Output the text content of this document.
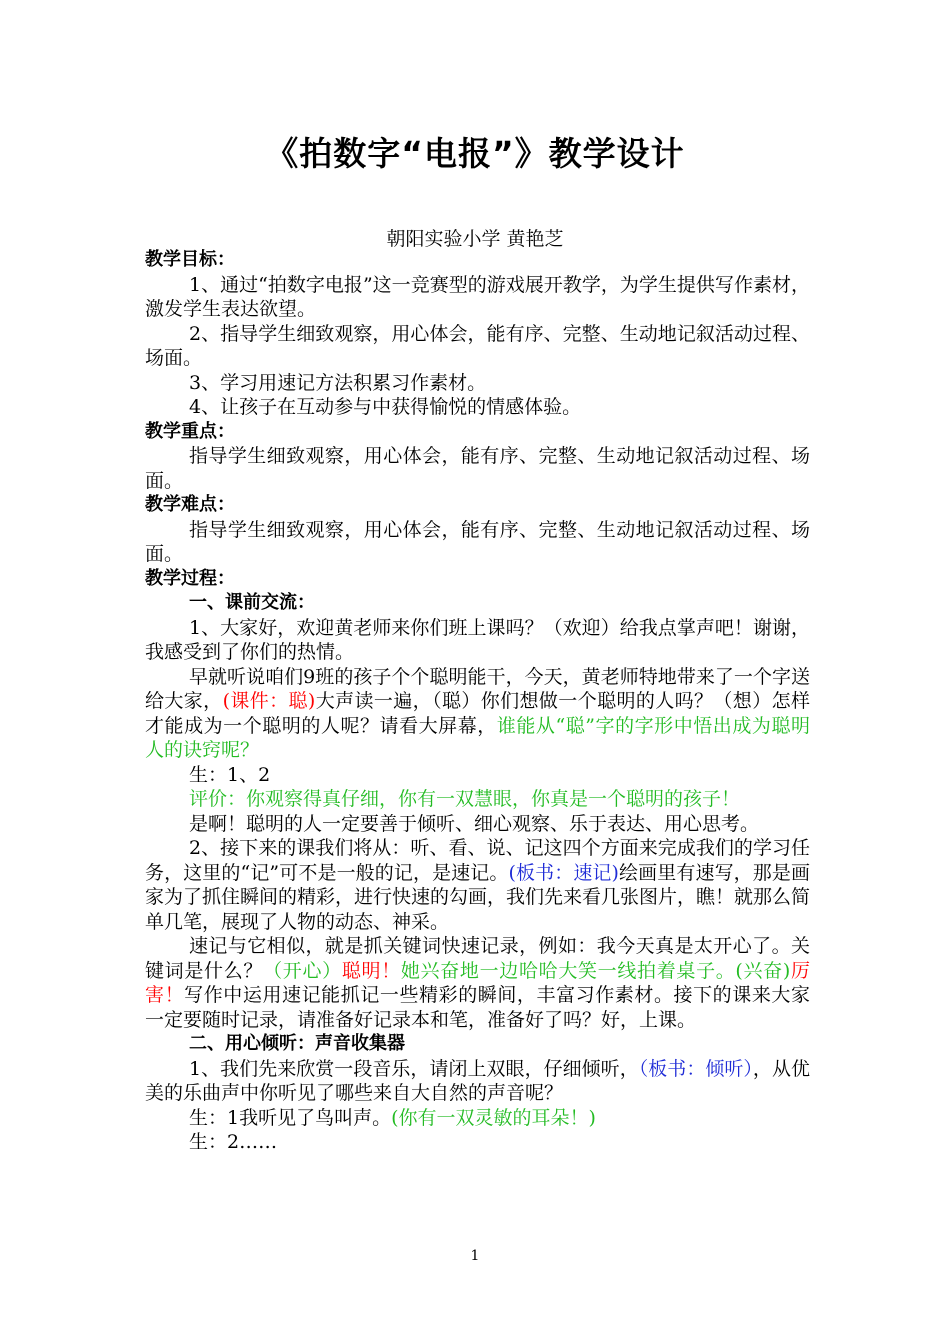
《拍数字“电报”》教学设计

朝阳实验小学 黄艳芝

教学目标：

1、通过“拍数字电报”这一竞赛型的游戏展开教学，为学生提供写作素材，激发学生表达欲望。

2、指导学生细致观察，用心体会，能有序、完整、生动地记叙活动过程、场面。

3、学习用速记方法积累习作素材。

4、让孩子在互动参与中获得愉悦的情感体验。

教学重点：

指导学生细致观察，用心体会，能有序、完整、生动地记叙活动过程、场面。

教学难点：

指导学生细致观察，用心体会，能有序、完整、生动地记叙活动过程、场面。

教学过程：

一、课前交流：

1、大家好，欢迎黄老师来你们班上课吗？（欢迎）给我点掌声吧！谢谢，我感受到了你们的热情。

早就听说咱们9班的孩子个个聪明能干，今天，黄老师特地带来了一个字送给大家，(课件：聪)大声读一遍，（聪）你们想做一个聪明的人吗？（想）怎样才能成为一个聪明的人呢？请看大屏幕，谁能从“聪”字的字形中悟出成为聪明人的诀窍呢？

生：1、2

评价：你观察得真仔细，你有一双慧眼，你真是一个聪明的孩子！

是啊！聪明的人一定要善于倾听、细心观察、乐于表达、用心思考。

2、接下来的课我们将从：听、看、说、记这四个方面来完成我们的学习任务，这里的“记”可不是一般的记，是速记。(板书：速记)绘画里有速写，那是画家为了抓住瞬间的精彩，进行快速的勾画，我们先来看几张图片，瞧！就那么简单几笔，展现了人物的动态、神采。

速记与它相似，就是抓关键词快速记录，例如：我今天真是太开心了。关键词是什么？（开心）聪明！她兴奋地一边哈哈大笑一线拍着桌子。(兴奋)厉害！写作中运用速记能抓记一些精彩的瞬间，丰富习作素材。接下的课来大家一定要随时记录，请准备好记录本和笔，准备好了吗？好，上课。

二、用心倾听：声音收集器

1、我们先来欣赏一段音乐，请闭上双眼，仔细倾听，（板书：倾听），从优美的乐曲声中你听见了哪些来自大自然的声音呢？

生：1我听见了鸟叫声。(你有一双灵敏的耳朵！)

生：2……

1
